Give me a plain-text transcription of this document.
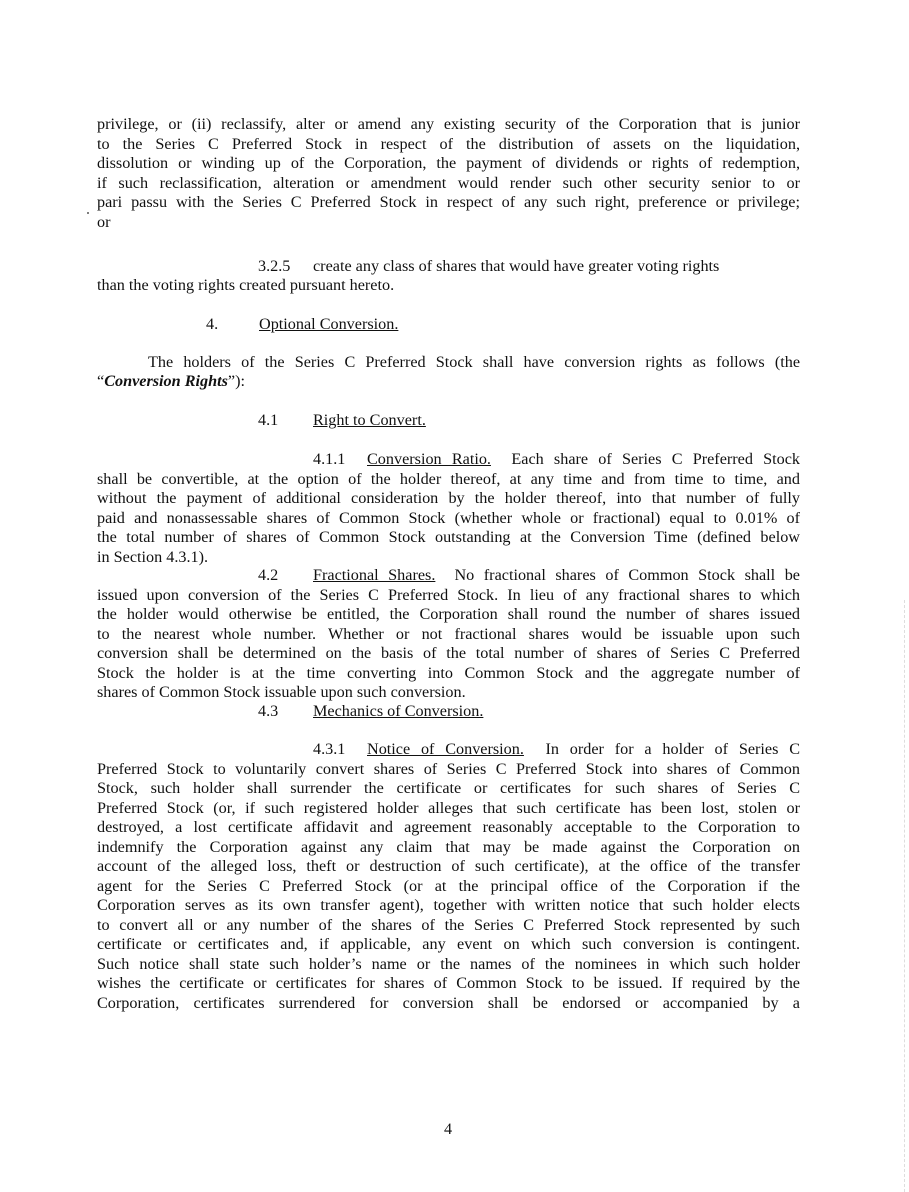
privilege, or (ii) reclassify, alter or amend any existing security of the Corporation that is junior
to the Series C Preferred Stock in respect of the distribution of assets on the liquidation,
dissolution or winding up of the Corporation, the payment of dividends or rights of redemption,
if such reclassification, alteration or amendment would render such other security senior to or
pari passu with the Series C Preferred Stock in respect of any such right, preference or privilege;
or
3.2.5 create any class of shares that would have greater voting rights
than the voting rights created pursuant hereto.
4.	Optional Conversion.
The holders of the Series C Preferred Stock shall have conversion rights as follows (the
“Conversion Rights”):
4.1 Right to Convert.
4.1.1	Conversion Ratio. Each share of Series C Preferred Stock
shall be convertible, at the option of the holder thereof, at any time and from time to time, and
without the payment of additional consideration by the holder thereof, into that number of fully
paid and nonassessable shares of Common Stock (whether whole or fractional) equal to 0.01% of
the total number of shares of Common Stock outstanding at the Conversion Time (defined below
in Section 4.3.1).
4.2	Fractional Shares. No fractional shares of Common Stock shall be
issued upon conversion of the Series C Preferred Stock. In lieu of any fractional shares to which
the holder would otherwise be entitled, the Corporation shall round the number of shares issued
to the nearest whole number. Whether or not fractional shares would be issuable upon such
conversion shall be determined on the basis of the total number of shares of Series C Preferred
Stock the holder is at the time converting into Common Stock and the aggregate number of
shares of Common Stock issuable upon such conversion.
4.3 Mechanics of Conversion.
4.3.1	Notice of Conversion. In order for a holder of Series C
Preferred Stock to voluntarily convert shares of Series C Preferred Stock into shares of Common
Stock, such holder shall surrender the certificate or certificates for such shares of Series C
Preferred Stock (or, if such registered holder alleges that such certificate has been lost, stolen or
destroyed, a lost certificate affidavit and agreement reasonably acceptable to the Corporation to
indemnify the Corporation against any claim that may be made against the Corporation on
account of the alleged loss, theft or destruction of such certificate), at the office of the transfer
agent for the Series C Preferred Stock (or at the principal office of the Corporation if the
Corporation serves as its own transfer agent), together with written notice that such holder elects
to convert all or any number of the shares of the Series C Preferred Stock represented by such
certificate or certificates and, if applicable, any event on which such conversion is contingent.
Such notice shall state such holder’s name or the names of the nominees in which such holder
wishes the certificate or certificates for shares of Common Stock to be issued. If required by the
Corporation, certificates surrendered for conversion shall be endorsed or accompanied by a
4
